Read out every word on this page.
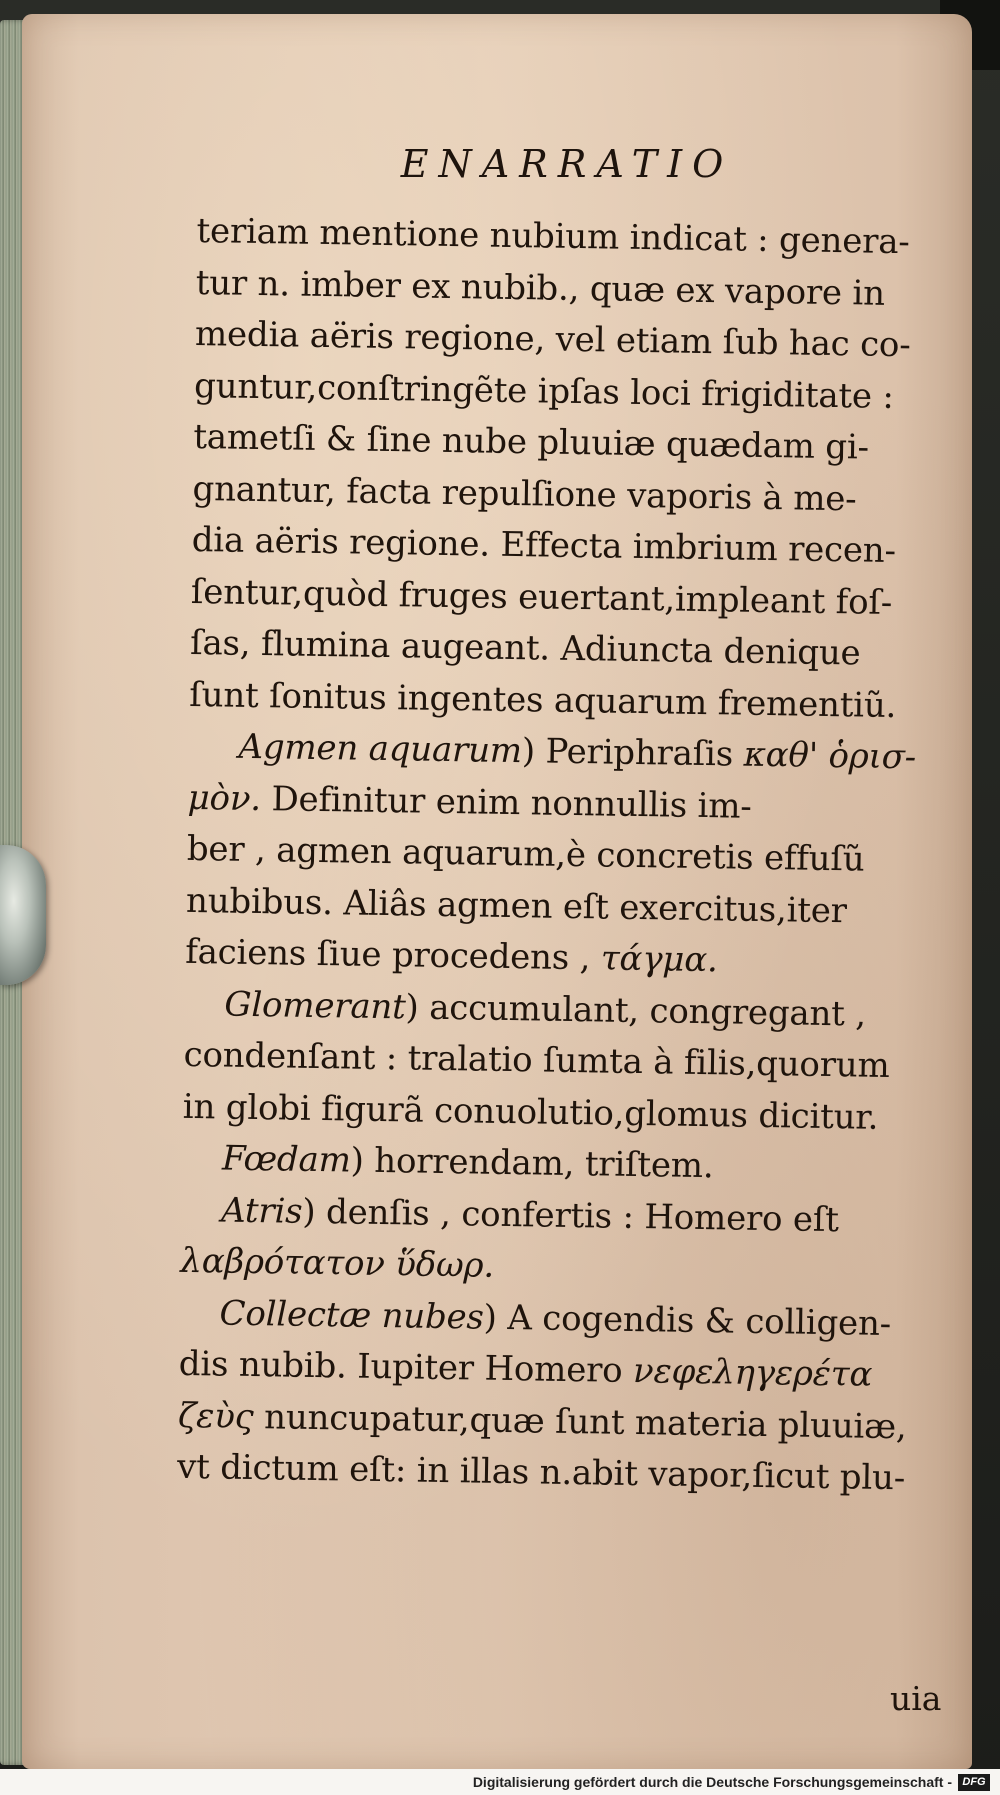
ENARRATIO
teriam mentione nubium indicat : genera-
tur n. imber ex nubib., quæ ex vapore in
media aëris regione, vel etiam ſub hac co-
guntur,conſtringẽte ipſas loci frigiditate :
tametſi & ſine nube pluuiæ quædam gi-
gnantur, facta repulſione vaporis à me-
dia aëris regione. Effecta imbrium recen-
ſentur,quòd fruges euertant,impleant foſ-
ſas, flumina augeant. Adiuncta denique
ſunt ſonitus ingentes aquarum frementiũ.
Agmen aquarum) Periphraſis καθ' ὁρισ-
μὸν. Definitur enim nonnullis im-
ber , agmen aquarum,è concretis effuſũ
nubibus. Aliâs agmen eſt exercitus,iter
faciens ſiue procedens , τάγμα.
Glomerant) accumulant, congregant ,
condenſant : tralatio ſumta à filis,quorum
in globi figurã conuolutio,glomus dicitur.
Fœdam) horrendam, triſtem.
Atris) denſis , confertis : Homero eſt
λαβρότατον ὕδωρ.
Collectæ nubes) A cogendis & colligen-
dis nubib. Iupiter Homero νεφεληγερέτα
ζεὺς nuncupatur,quæ ſunt materia pluuiæ,
vt dictum eſt: in illas n.abit vapor,ſicut plu-
uia
Digitalisierung gefördert durch die Deutsche Forschungsgemeinschaft - DFG
